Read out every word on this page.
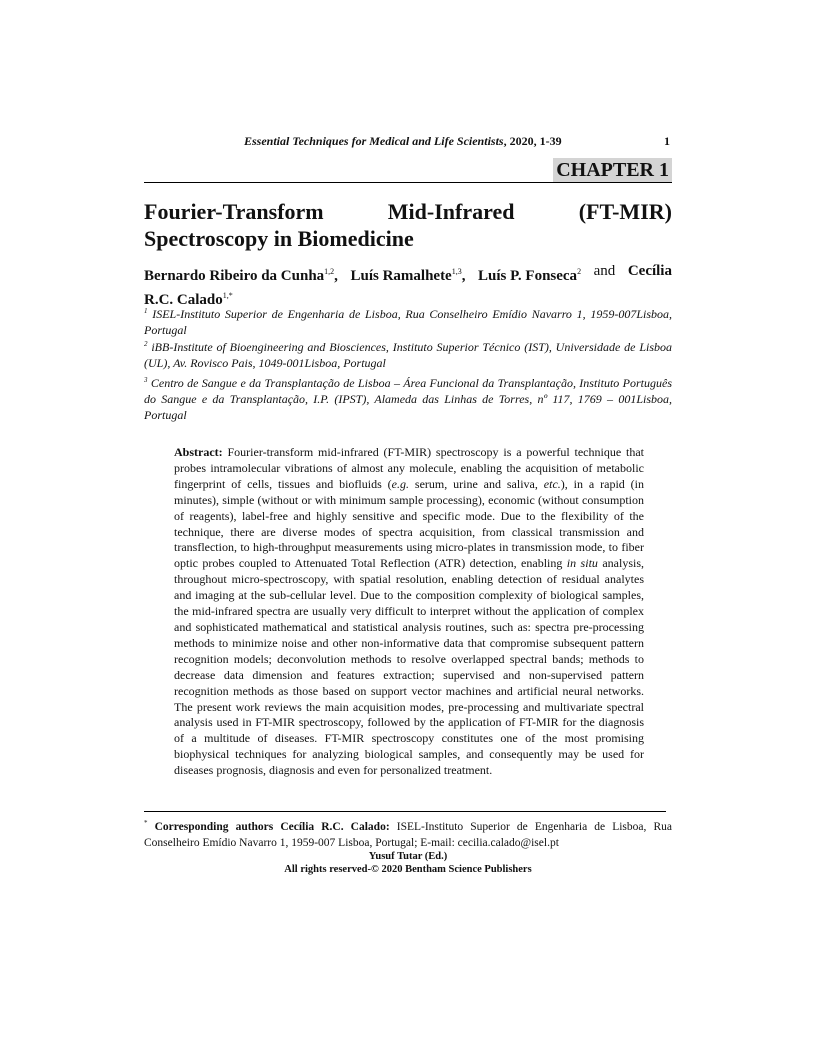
Essential Techniques for Medical and Life Scientists, 2020, 1-39	1
CHAPTER 1
Fourier-Transform	Mid-Infrared	(FT-MIR)
Spectroscopy in Biomedicine
Bernardo Ribeiro da Cunha$^{1,2}$, Luís Ramalhete$^{1,3}$, Luís P. Fonseca$^2$ and Cecília
R.C. Calado$^{1,*}$
$^1$ ISEL-Instituto Superior de Engenharia de Lisboa, Rua Conselheiro Emídio Navarro 1, 1959-007Lisboa, Portugal
$^2$ iBB-Institute of Bioengineering and Biosciences, Instituto Superior Técnico (IST), Universidade de Lisboa (UL), Av. Rovisco Pais, 1049-001Lisboa, Portugal
$^3$ Centro de Sangue e da Transplantação de Lisboa – Área Funcional da Transplantação, Instituto Português do Sangue e da Transplantação, I.P. (IPST), Alameda das Linhas de Torres, nº 117, 1769 – 001Lisboa, Portugal

Abstract: Fourier-transform mid-infrared (FT-MIR) spectroscopy is a powerful technique that probes intramolecular vibrations of almost any molecule, enabling the acquisition of metabolic fingerprint of cells, tissues and biofluids (e.g. serum, urine and saliva, etc.), in a rapid (in minutes), simple (without or with minimum sample processing), economic (without consumption of reagents), label-free and highly sensitive and specific mode. Due to the flexibility of the technique, there are diverse modes of spectra acquisition, from classical transmission and transflection, to high-throughput measurements using micro-plates in transmission mode, to fiber optic probes coupled to Attenuated Total Reflection (ATR) detection, enabling in situ analysis, throughout micro-spectroscopy, with spatial resolution, enabling detection of residual analytes and imaging at the sub-cellular level. Due to the composition complexity of biological samples, the mid-infrared spectra are usually very difficult to interpret without the application of complex and sophisticated mathematical and statistical analysis routines, such as: spectra pre-processing methods to minimize noise and other non-informative data that compromise subsequent pattern recognition models; deconvolution methods to resolve overlapped spectral bands; methods to decrease data dimension and features extraction; supervised and non-supervised pattern recognition methods as those based on support vector machines and artificial neural networks. The present work reviews the main acquisition modes, pre-processing and multivariate spectral analysis used in FT-MIR spectroscopy, followed by the application of FT-MIR for the diagnosis of a multitude of diseases. FT-MIR spectroscopy constitutes one of the most promising biophysical techniques for analyzing biological samples, and consequently may be used for diseases prognosis, diagnosis and even for personalized treatment.

* Corresponding authors Cecília R.C. Calado: ISEL-Instituto Superior de Engenharia de Lisboa, Rua Conselheiro Emídio Navarro 1, 1959-007 Lisboa, Portugal; E-mail: cecilia.calado@isel.pt
Yusuf Tutar (Ed.)
All rights reserved-© 2020 Bentham Science Publishers
